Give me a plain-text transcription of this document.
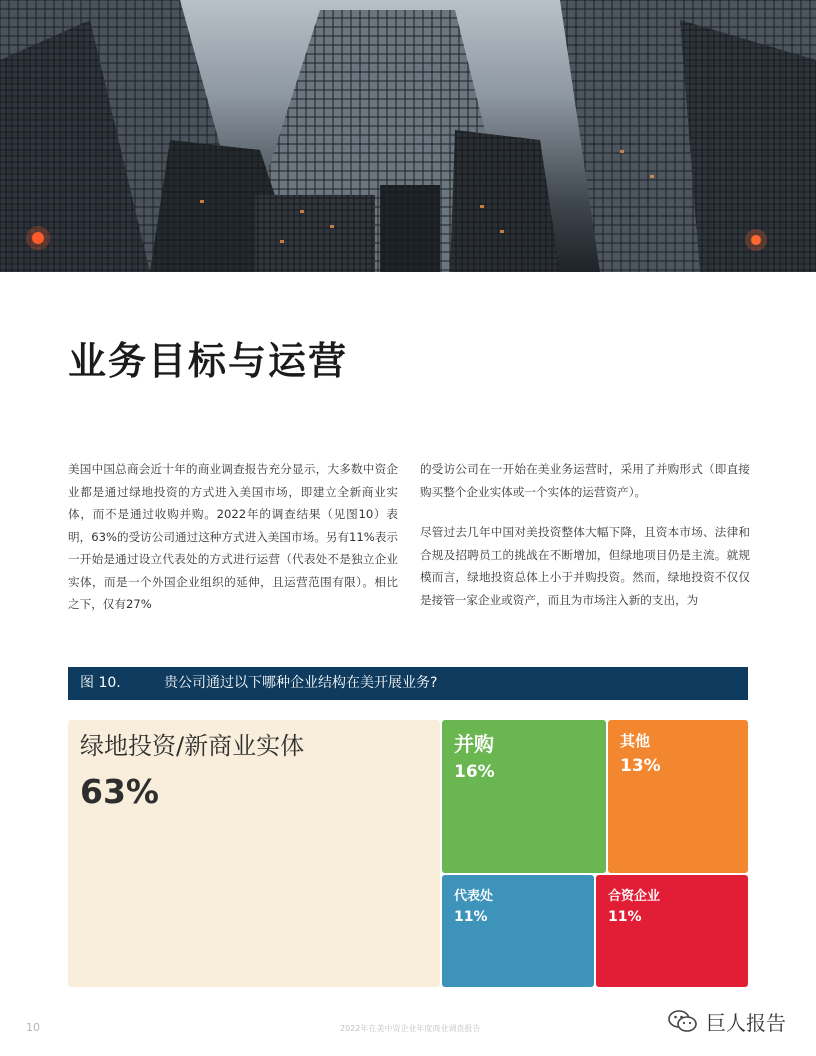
业务目标与运营

美国中国总商会近十年的商业调查报告充分显示，大多数中资企业都是通过绿地投资的方式进入美国市场，即建立全新商业实体，而不是通过收购并购。2022年的调查结果（见图10）表明，63%的受访公司通过这种方式进入美国市场。另有11%表示一开始是通过设立代表处的方式进行运营（代表处不是独立企业实体，而是一个外国企业组织的延伸，且运营范围有限）。相比之下，仅有27%

的受访公司在一开始在美业务运营时，采用了并购形式（即直接购买整个企业实体或一个实体的运营资产）。

尽管过去几年中国对美投资整体大幅下降，且资本市场、法律和合规及招聘员工的挑战在不断增加，但绿地项目仍是主流。就规模而言，绿地投资总体上小于并购投资。然而，绿地投资不仅仅是接管一家企业或资产，而且为市场注入新的支出，为

图 10.	贵公司通过以下哪种企业结构在美开展业务?
绿地投资/新商业实体
63%
并购
16%
其他
13%
代表处
11%
合资企业
11%
10	2022年在美中资企业年度商业调查报告	巨人报告
